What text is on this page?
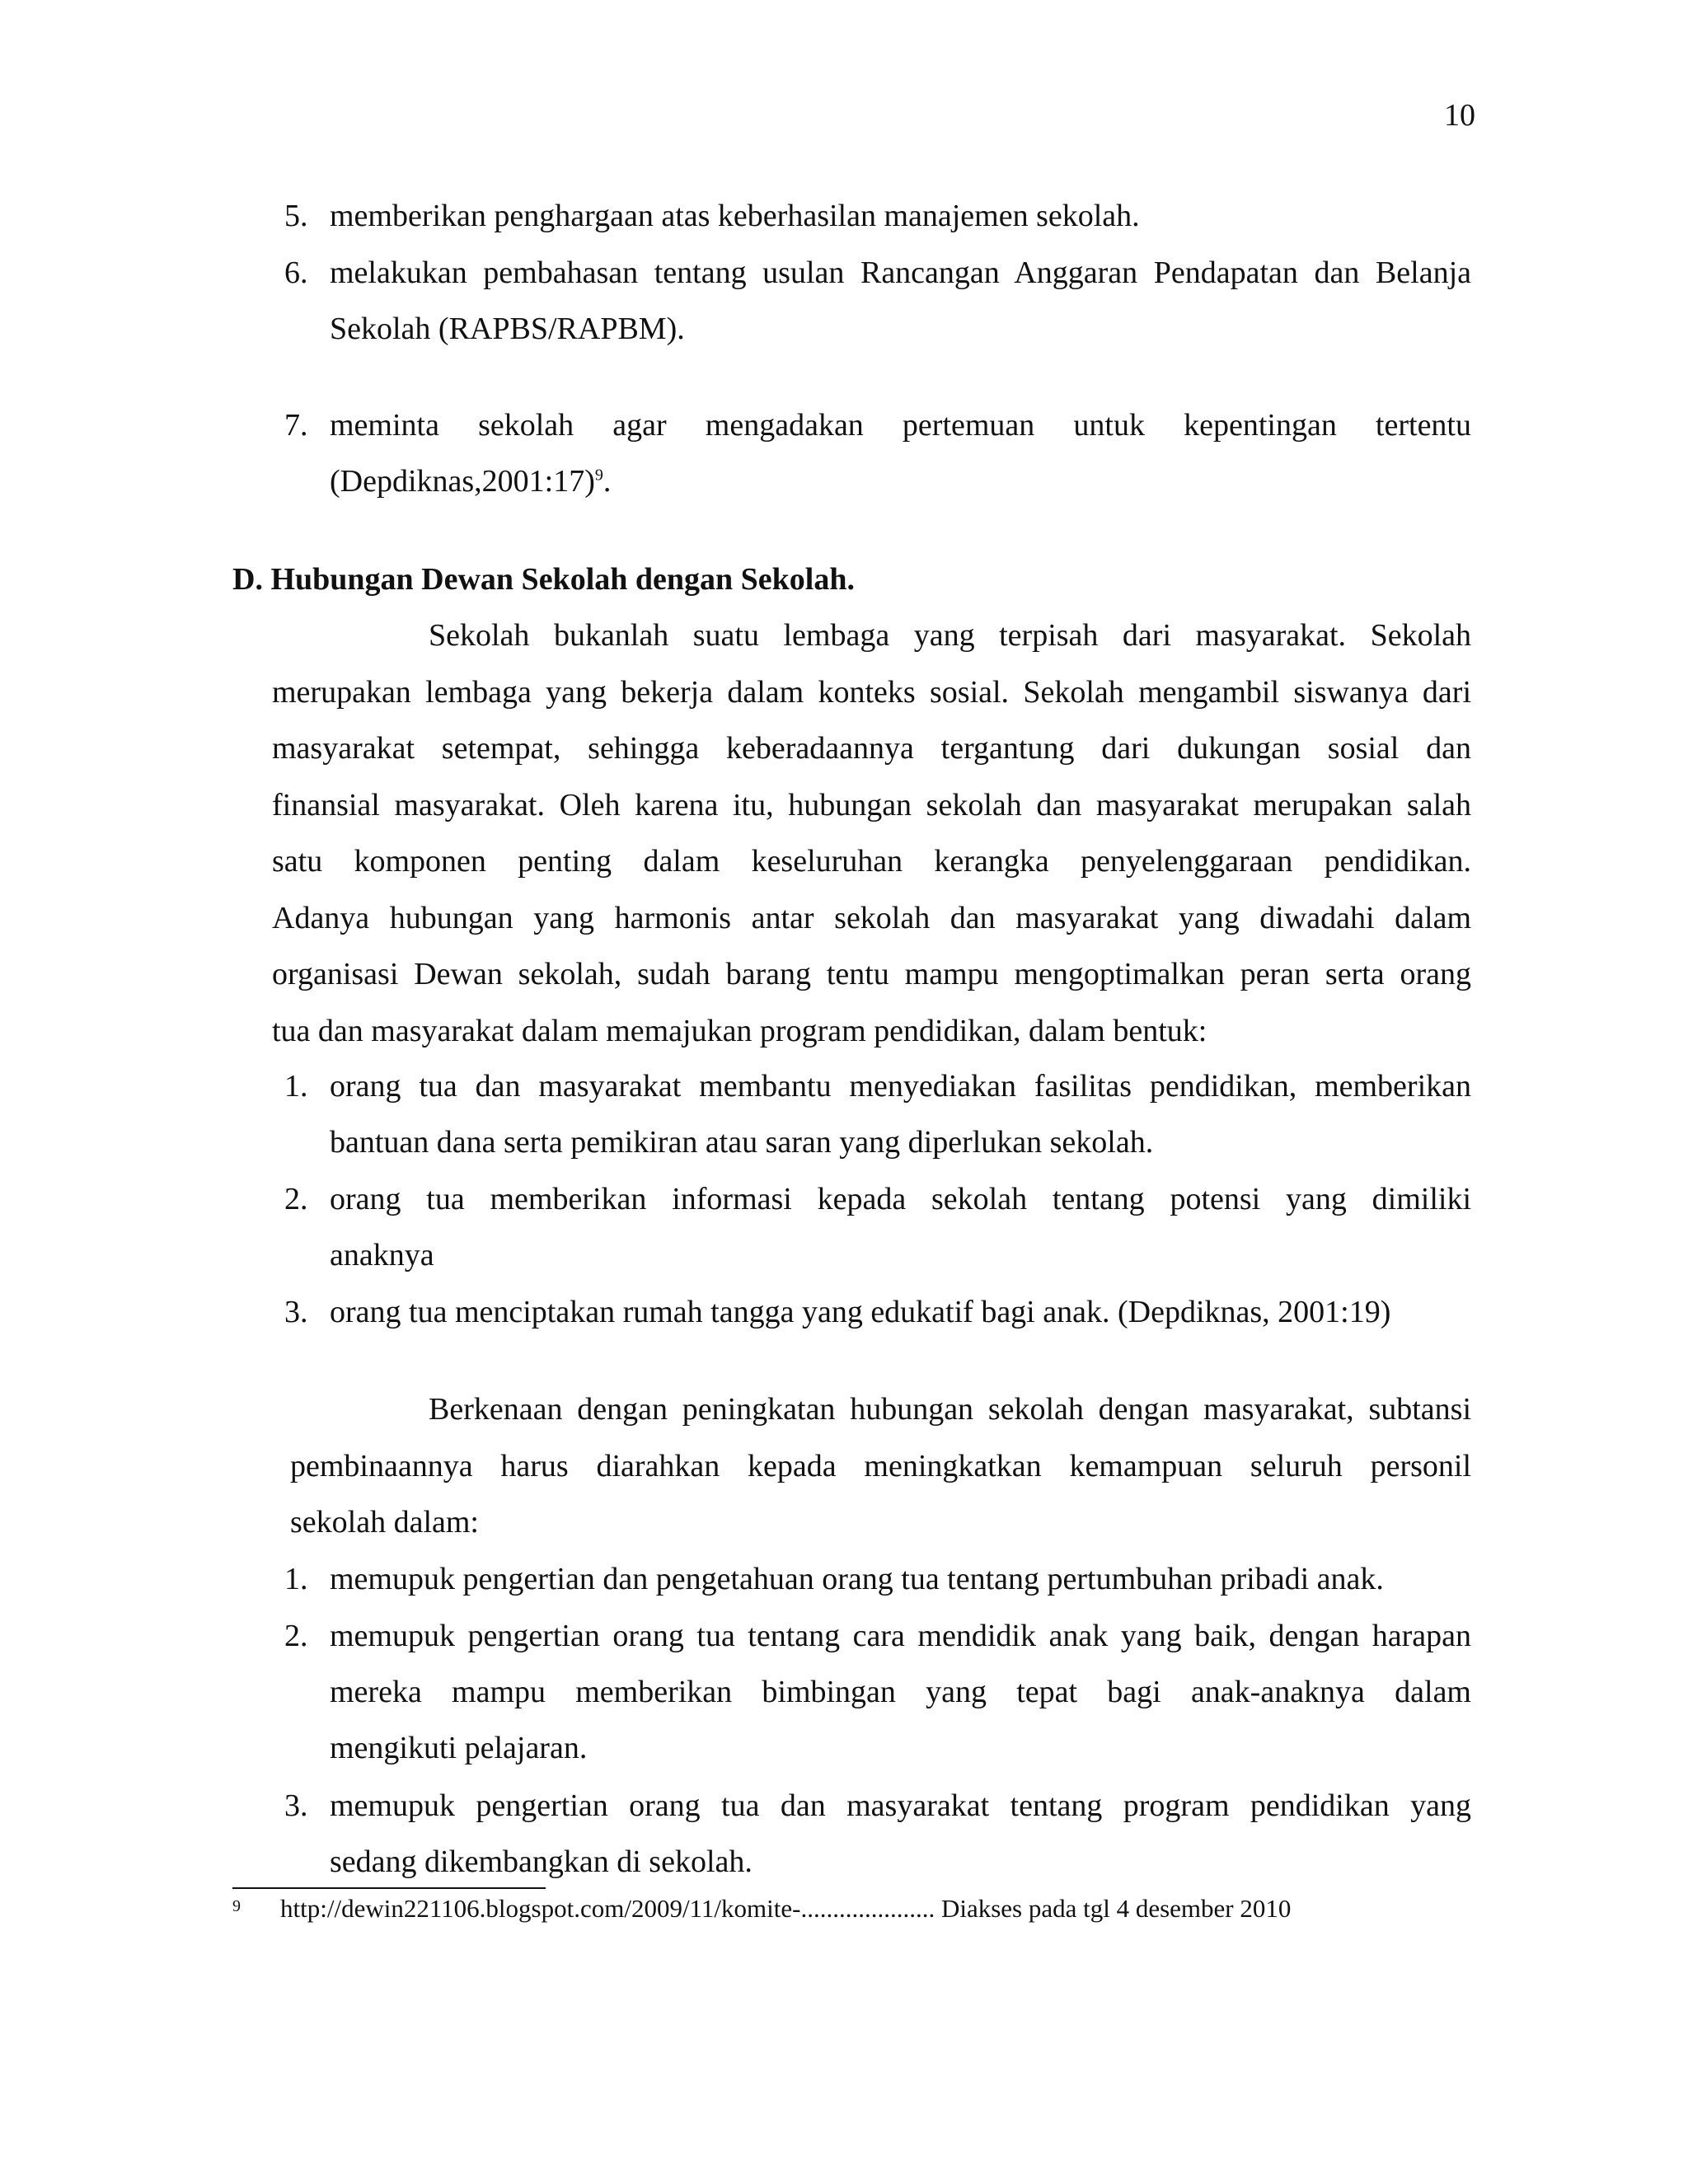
10
5. memberikan penghargaan atas keberhasilan manajemen sekolah.
6. melakukan pembahasan tentang usulan Rancangan Anggaran Pendapatan dan Belanja
Sekolah (RAPBS/RAPBM).
7. meminta sekolah agar mengadakan pertemuan untuk kepentingan tertentu
(Depdiknas,2001:17)$^9$.
D. Hubungan Dewan Sekolah dengan Sekolah.
Sekolah bukanlah suatu lembaga yang terpisah dari masyarakat. Sekolah
merupakan lembaga yang bekerja dalam konteks sosial. Sekolah mengambil siswanya dari
masyarakat setempat, sehingga keberadaannya tergantung dari dukungan sosial dan
finansial masyarakat. Oleh karena itu, hubungan sekolah dan masyarakat merupakan salah
satu komponen penting dalam keseluruhan kerangka penyelenggaraan pendidikan.
Adanya hubungan yang harmonis antar sekolah dan masyarakat yang diwadahi dalam
organisasi Dewan sekolah, sudah barang tentu mampu mengoptimalkan peran serta orang
tua dan masyarakat dalam memajukan program pendidikan, dalam bentuk:
1. orang tua dan masyarakat membantu menyediakan fasilitas pendidikan, memberikan
bantuan dana serta pemikiran atau saran yang diperlukan sekolah.
2. orang tua memberikan informasi kepada sekolah tentang potensi yang dimiliki
anaknya
3. orang tua menciptakan rumah tangga yang edukatif bagi anak. (Depdiknas, 2001:19)
Berkenaan dengan peningkatan hubungan sekolah dengan masyarakat, subtansi
pembinaannya harus diarahkan kepada meningkatkan kemampuan seluruh personil
sekolah dalam:
1. memupuk pengertian dan pengetahuan orang tua tentang pertumbuhan pribadi anak.
2. memupuk pengertian orang tua tentang cara mendidik anak yang baik, dengan harapan
mereka mampu memberikan bimbingan yang tepat bagi anak-anaknya dalam
mengikuti pelajaran.
3. memupuk pengertian orang tua dan masyarakat tentang program pendidikan yang
sedang dikembangkan di sekolah.
9 http://dewin221106.blogspot.com/2009/11/komite-..................... Diakses pada tgl 4 desember 2010
